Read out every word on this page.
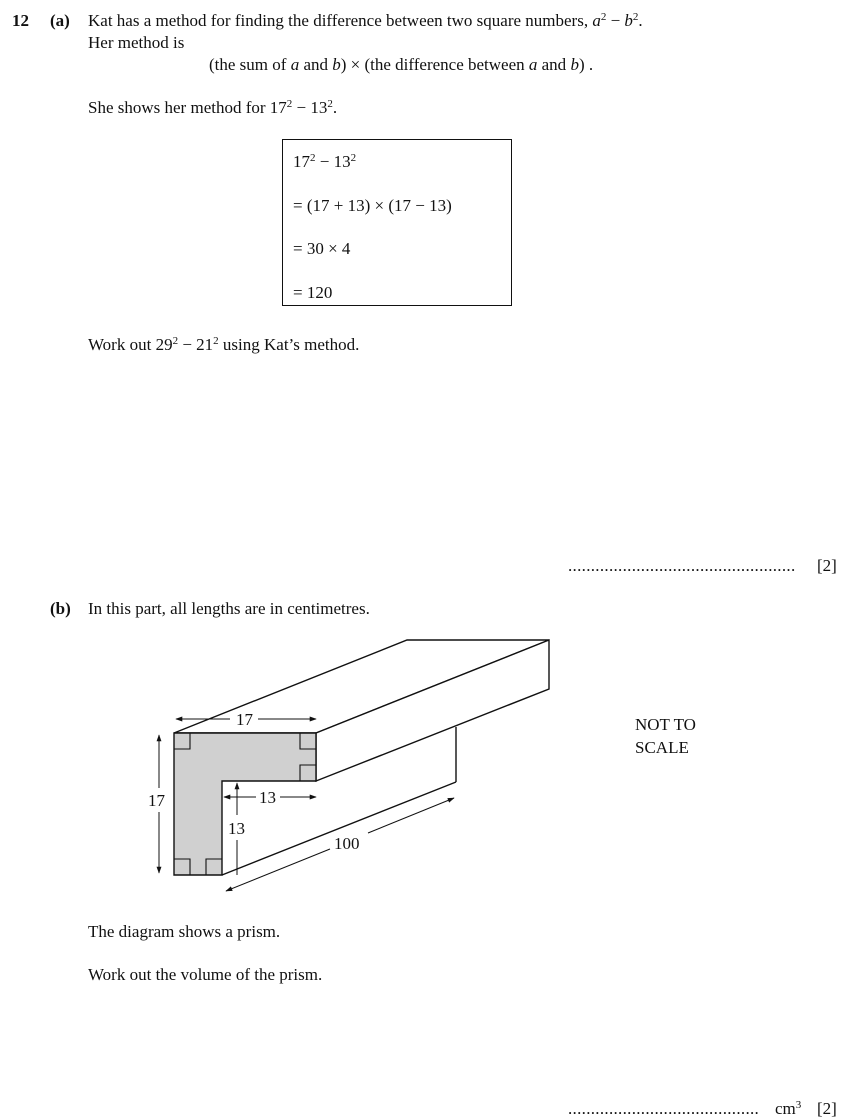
12 (a) Kat has a method for finding the difference between two square numbers, $a^2 - b^2$.
Her method is
(the sum of a and b) × (the difference between a and b) .
She shows her method for $17^2 - 13^2$.
$17^2 - 13^2$
= (17 + 13) × (17 − 13)
= 30 × 4
= 120
Work out $29^2 - 21^2$ using Kat’s method.
.................................................. [2]
(b) In this part, all lengths are in centimetres.
17
17	13
13
100
NOT TO
SCALE
The diagram shows a prism.
Work out the volume of the prism.
.......................................... $cm^3$ [2]
